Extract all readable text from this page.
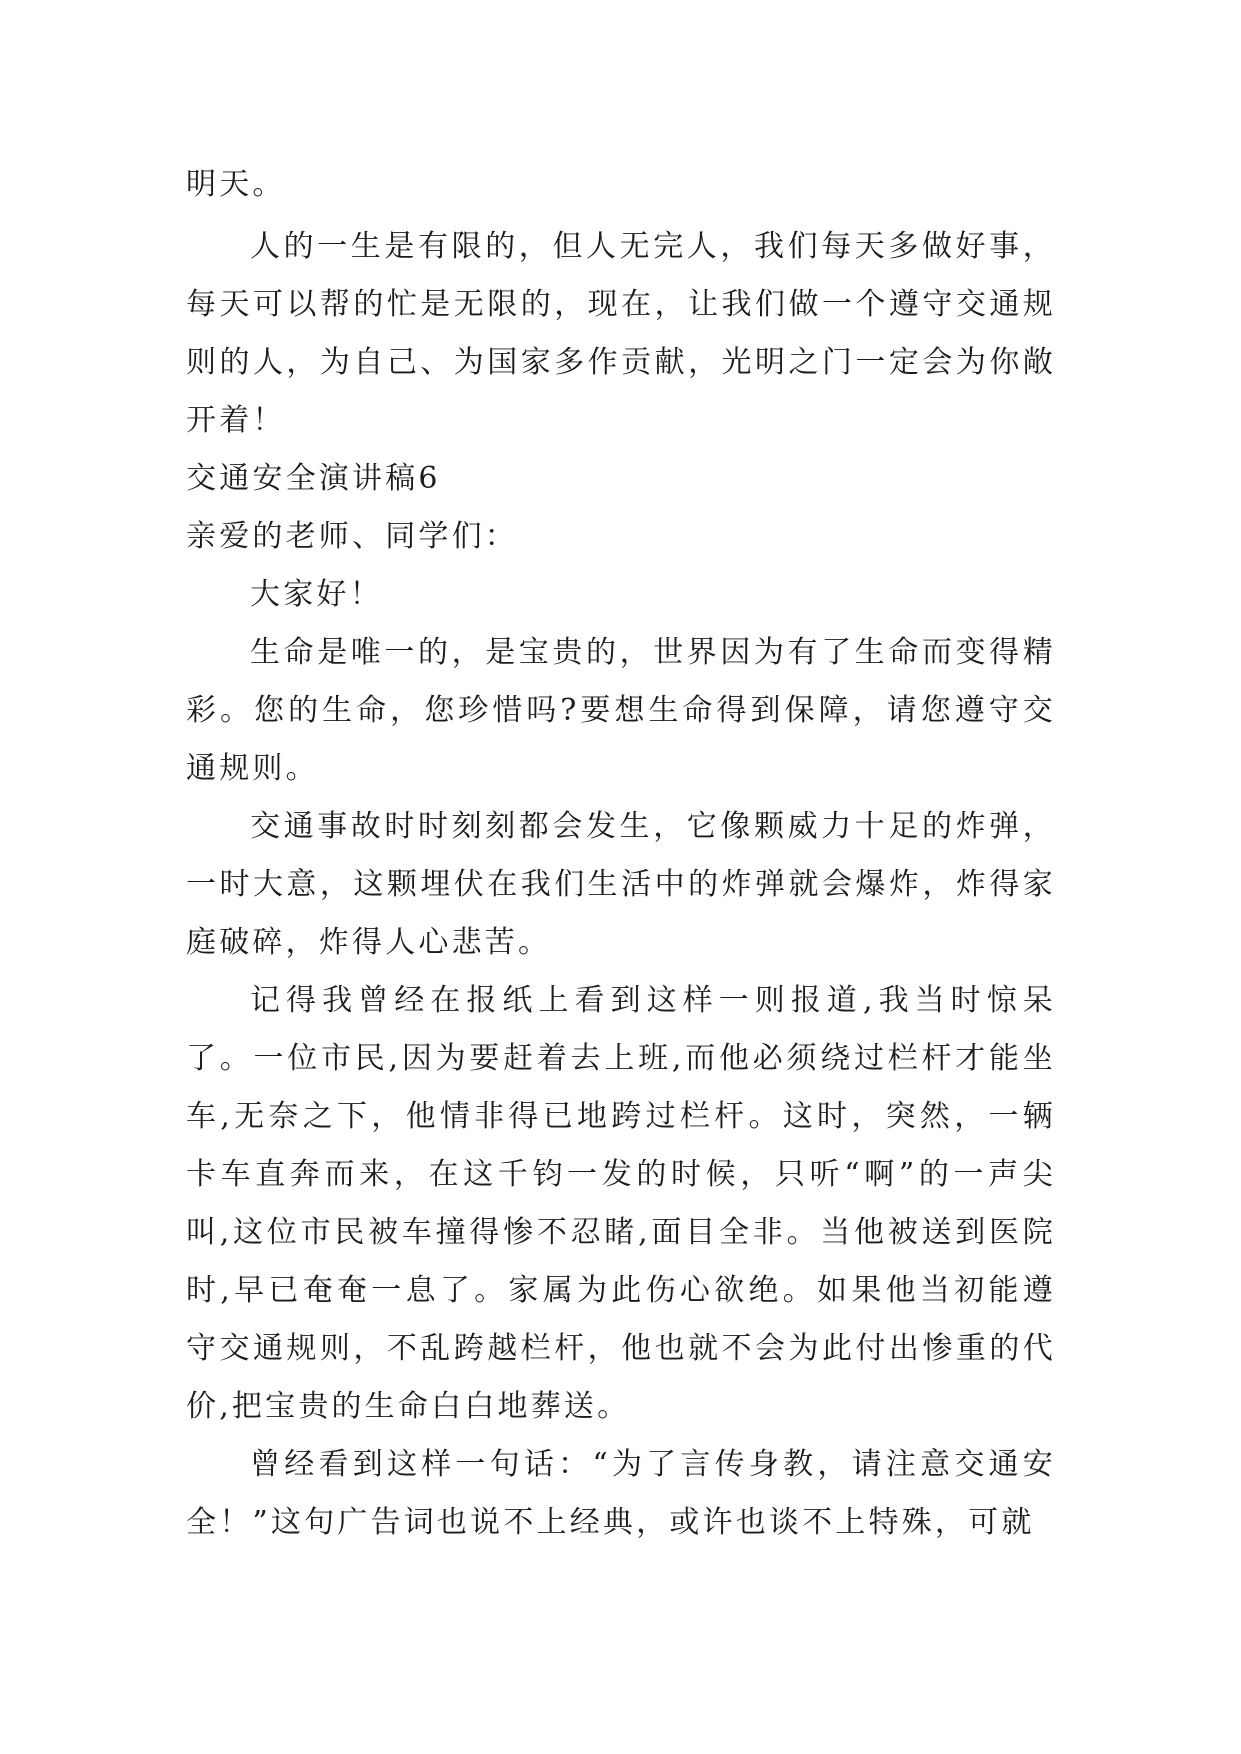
明天。

人的一生是有限的，但人无完人，我们每天多做好事，每天可以帮的忙是无限的，现在，让我们做一个遵守交通规则的人，为自己、为国家多作贡献，光明之门一定会为你敞开着！

交通安全演讲稿6

亲爱的老师、同学们：

大家好！

生命是唯一的，是宝贵的，世界因为有了生命而变得精彩。您的生命，您珍惜吗?要想生命得到保障，请您遵守交通规则。

交通事故时时刻刻都会发生，它像颗威力十足的炸弹，一时大意，这颗埋伏在我们生活中的炸弹就会爆炸，炸得家庭破碎，炸得人心悲苦。

记得我曾经在报纸上看到这样一则报道,我当时惊呆了。一位市民,因为要赶着去上班,而他必须绕过栏杆才能坐车,无奈之下，他情非得已地跨过栏杆。这时，突然，一辆卡车直奔而来，在这千钧一发的时候，只听“啊”的一声尖叫,这位市民被车撞得惨不忍睹,面目全非。当他被送到医院时,早已奄奄一息了。家属为此伤心欲绝。如果他当初能遵守交通规则，不乱跨越栏杆，他也就不会为此付出惨重的代价,把宝贵的生命白白地葬送。

曾经看到这样一句话：“为了言传身教，请注意交通安全！”这句广告词也说不上经典，或许也谈不上特殊，可就
